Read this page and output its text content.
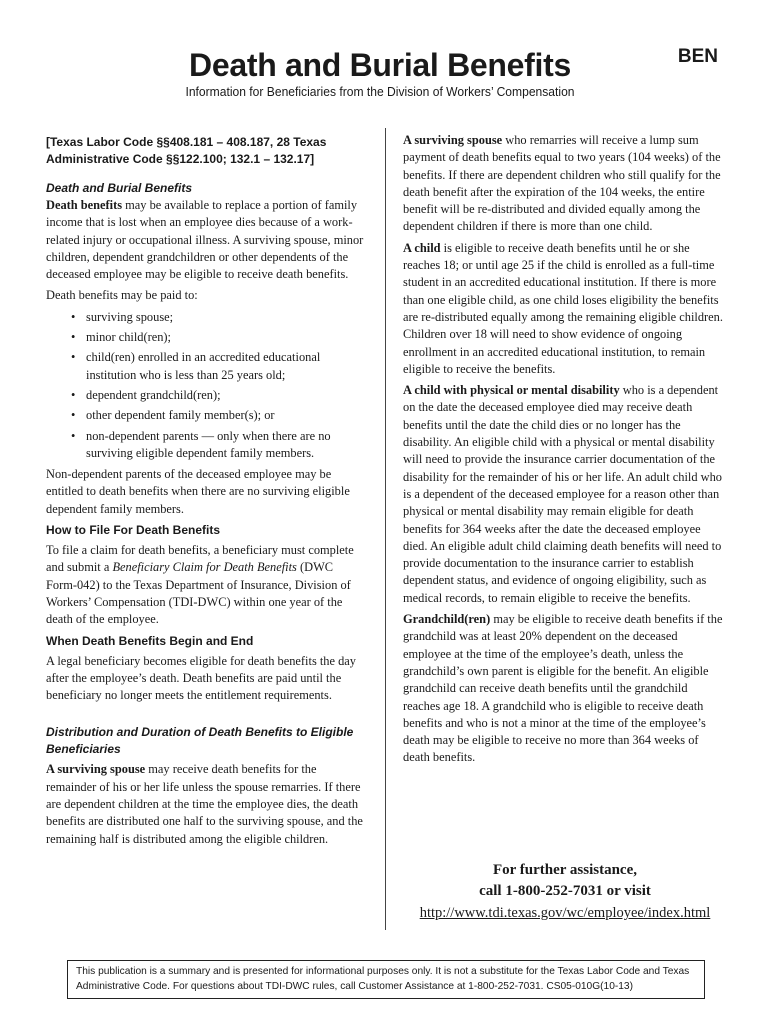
Death and Burial Benefits	BEN
Information for Beneficiaries from the Division of Workers’ Compensation
[Texas Labor Code §§408.181 – 408.187, 28 Texas Administrative Code §§122.100; 132.1 – 132.17]
Death and Burial Benefits

Death benefits may be available to replace a portion of family income that is lost when an employee dies because of a work-related injury or occupational illness. A surviving spouse, minor children, dependent grandchildren or other dependents of the deceased employee may be eligible to receive death benefits.

Death benefits may be paid to:

• surviving spouse;
• minor child(ren);
• child(ren) enrolled in an accredited educational institution who is less than 25 years old;
• dependent grandchild(ren);
• other dependent family member(s); or
• non-dependent parents — only when there are no surviving eligible dependent family members.

Non-dependent parents of the deceased employee may be entitled to death benefits when there are no surviving eligible dependent family members.

How to File For Death Benefits

To file a claim for death benefits, a beneficiary must complete and submit a Beneficiary Claim for Death Benefits (DWC Form-042) to the Texas Department of Insurance, Division of Workers’ Compensation (TDI-DWC) within one year of the death of the employee.

When Death Benefits Begin and End

A legal beneficiary becomes eligible for death benefits the day after the employee’s death. Death benefits are paid until the beneficiary no longer meets the entitlement requirements.

Distribution and Duration of Death Benefits to Eligible Beneficiaries

A surviving spouse may receive death benefits for the remainder of his or her life unless the spouse remarries. If there are dependent children at the time the employee dies, the death benefits are distributed one half to the surviving spouse, and the remaining half is distributed among the eligible children.

A surviving spouse who remarries will receive a lump sum payment of death benefits equal to two years (104 weeks) of the benefits. If there are dependent children who still qualify for the death benefit after the expiration of the 104 weeks, the entire benefit will be re-distributed and divided equally among the dependent children if there is more than one child.

A child is eligible to receive death benefits until he or she reaches 18; or until age 25 if the child is enrolled as a full-time student in an accredited educational institution. If there is more than one eligible child, as one child loses eligibility the benefits are re-distributed equally among the remaining eligible children. Children over 18 will need to show evidence of ongoing enrollment in an accredited educational institution, to remain eligible to receive the benefits.

A child with physical or mental disability who is a dependent on the date the deceased employee died may receive death benefits until the date the child dies or no longer has the disability. An eligible child with a physical or mental disability will need to provide the insurance carrier documentation of the disability for the remainder of his or her life. An adult child who is a dependent of the deceased employee for a reason other than physical or mental disability may remain eligible for death benefits for 364 weeks after the date the deceased employee died. An eligible adult child claiming death benefits will need to provide documentation to the insurance carrier to establish dependent status, and evidence of ongoing eligibility, such as medical records, to remain eligible to receive the benefits.

Grandchild(ren) may be eligible to receive death benefits if the grandchild was at least 20% dependent on the deceased employee at the time of the employee’s death, unless the grandchild’s own parent is eligible for the benefit. An eligible grandchild can receive death benefits until the grandchild reaches age 18. A grandchild who is eligible to receive death benefits and who is not a minor at the time of the employee’s death may be eligible to receive no more than 364 weeks of death benefits.

For further assistance,
call 1-800-252-7031 or visit
http://www.tdi.texas.gov/wc/employee/index.html
This publication is a summary and is presented for informational purposes only. It is not a substitute for the Texas Labor Code and Texas Administrative Code. For questions about TDI-DWC rules, call Customer Assistance at 1-800-252-7031. CS05-010G(10-13)
